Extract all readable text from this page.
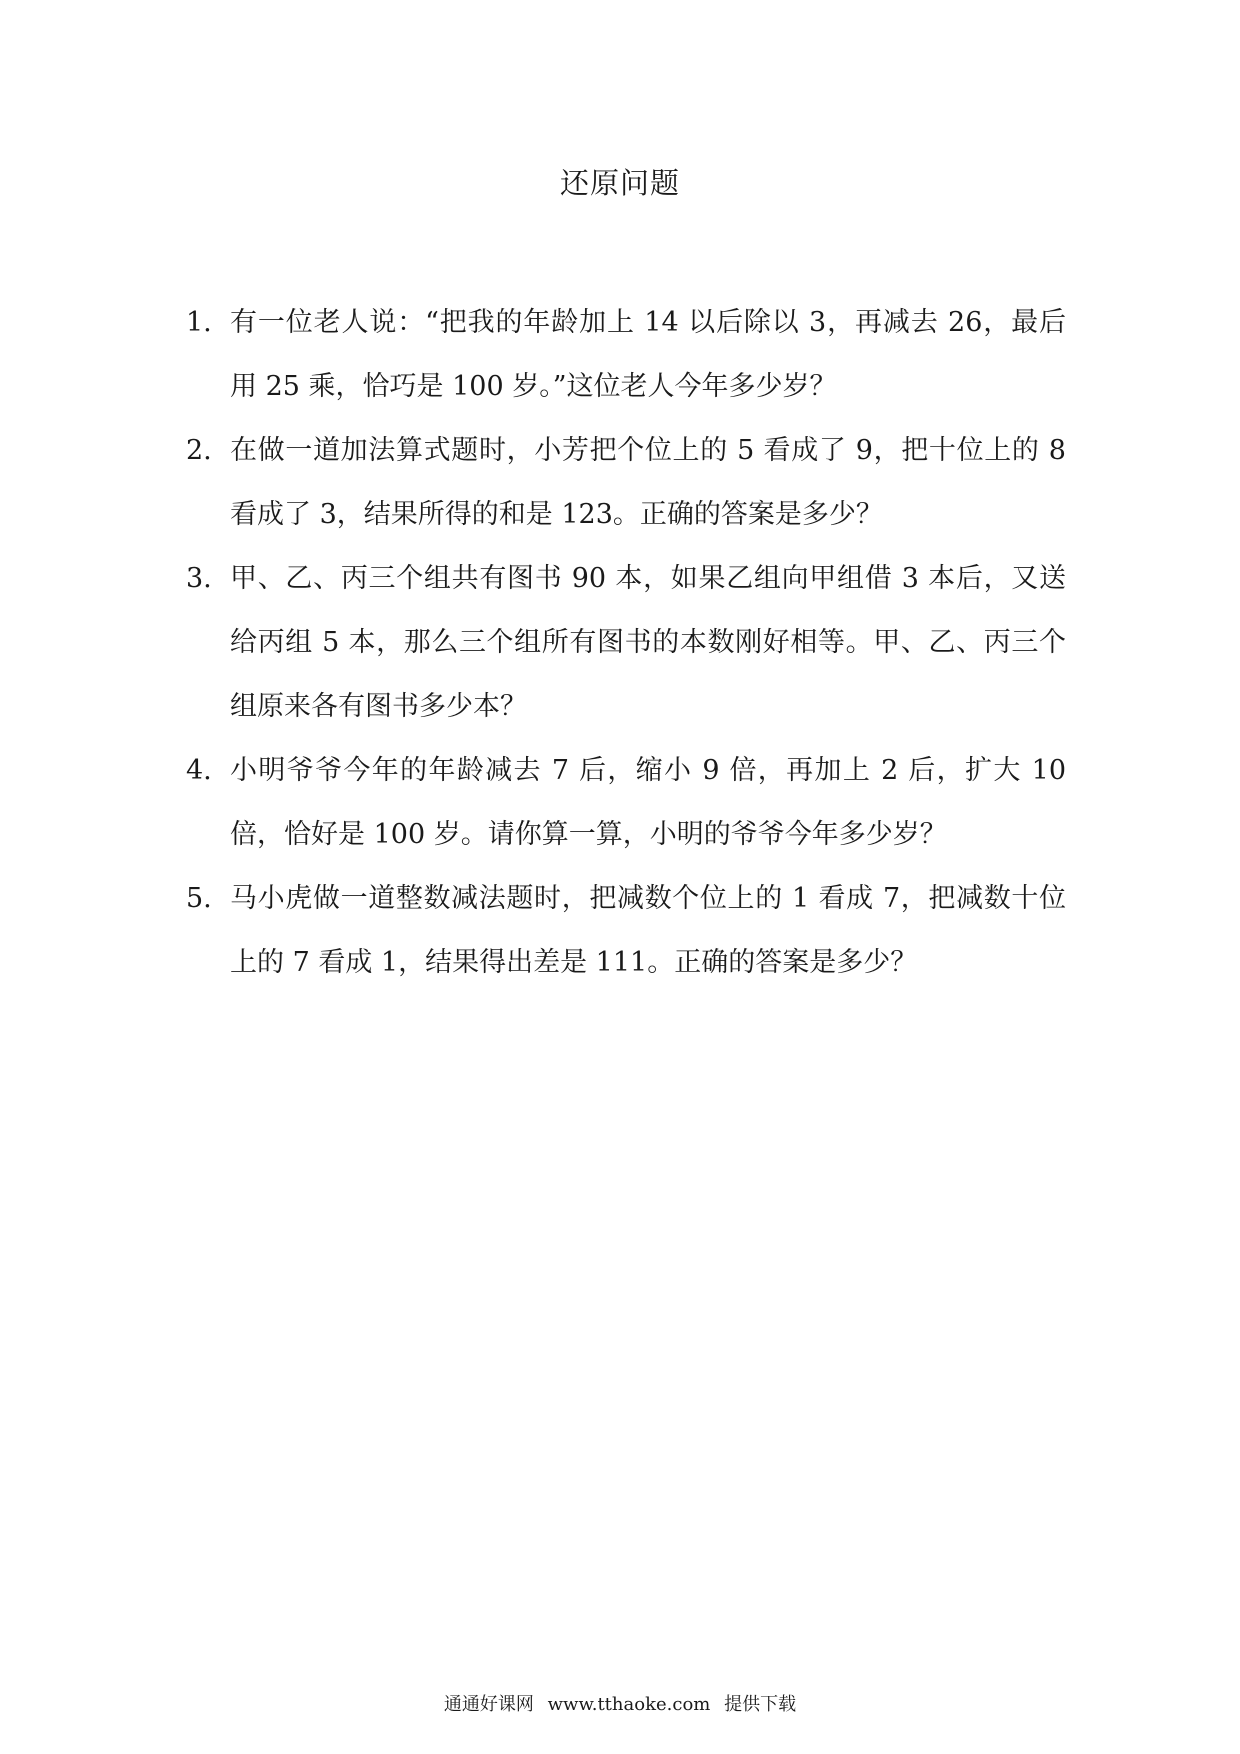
还原问题
1. 有一位老人说：“把我的年龄加上 14 以后除以 3，再减去 26，最后用 25 乘，恰巧是 100 岁。”这位老人今年多少岁？
2. 在做一道加法算式题时，小芳把个位上的 5 看成了 9，把十位上的 8 看成了 3，结果所得的和是 123。正确的答案是多少？
3. 甲、乙、丙三个组共有图书 90 本，如果乙组向甲组借 3 本后，又送给丙组 5 本，那么三个组所有图书的本数刚好相等。甲、乙、丙三个组原来各有图书多少本？
4. 小明爷爷今年的年龄减去 7 后，缩小 9 倍，再加上 2 后，扩大 10 倍，恰好是 100 岁。请你算一算，小明的爷爷今年多少岁？
5. 马小虎做一道整数减法题时，把减数个位上的 1 看成 7，把减数十位上的 7 看成 1，结果得出差是 111。正确的答案是多少？
通通好课网 www.tthaoke.com 提供下载
